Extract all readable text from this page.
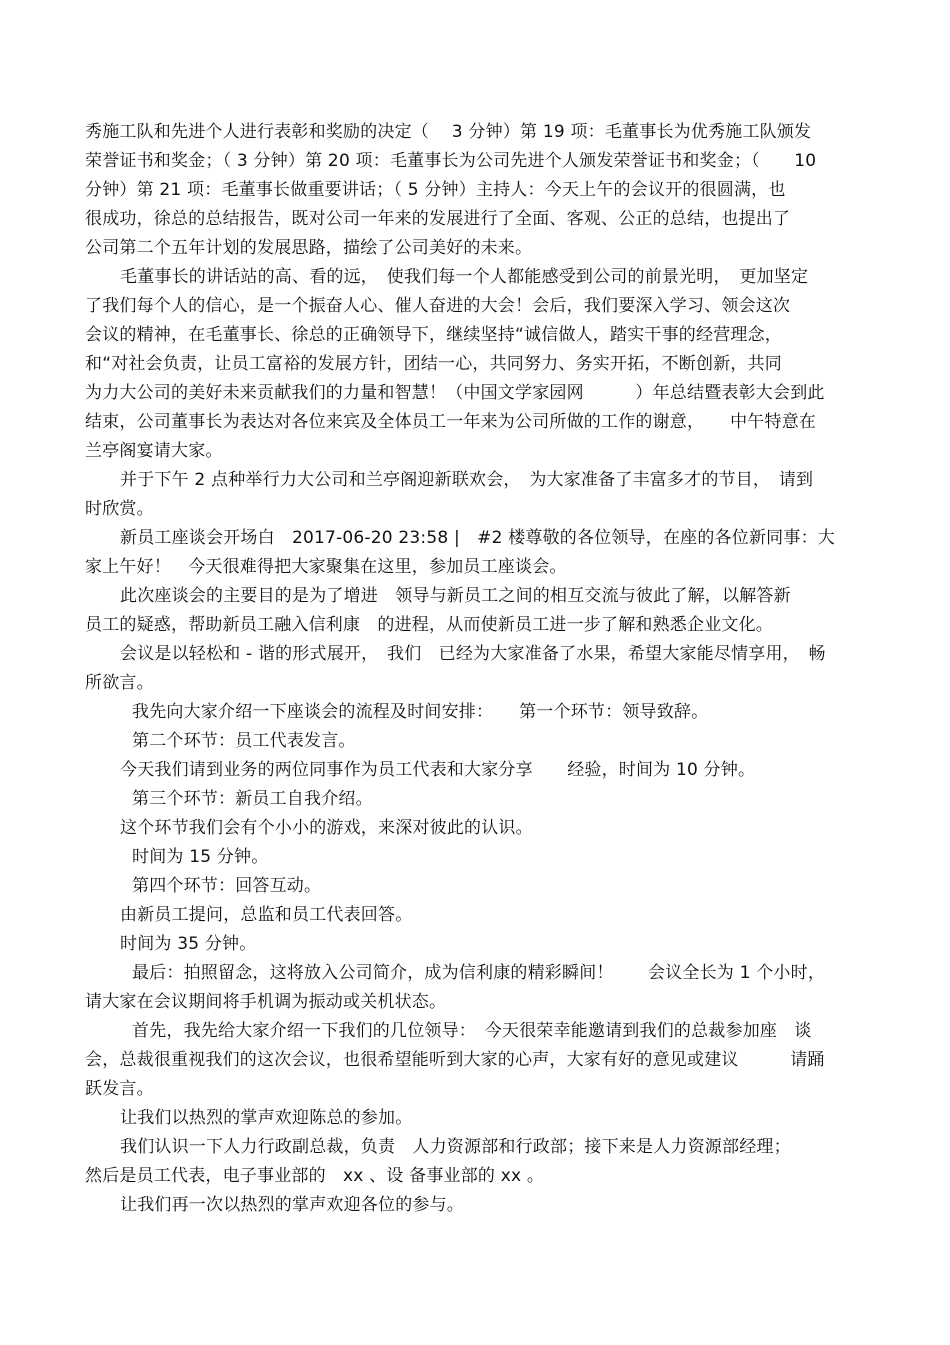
秀施工队和先进个人进行表彰和奖励的决定（　 3 分钟）第 19 项：毛董事长为优秀施工队颁发
荣誉证书和奖金；（ 3 分钟）第 20 项：毛董事长为公司先进个人颁发荣誉证书和奖金；（　　10
分钟）第 21 项：毛董事长做重要讲话；（ 5 分钟）主持人：今天上午的会议开的很圆满，也
很成功，徐总的总结报告，既对公司一年来的发展进行了全面、客观、公正的总结，也提出了
公司第二个五年计划的发展思路，描绘了公司美好的未来。
毛董事长的讲话站的高、看的远，　使我们每一个人都能感受到公司的前景光明，　更加坚定
了我们每个人的信心，是一个振奋人心、催人奋进的大会！会后，我们要深入学习、领会这次
会议的精神，在毛董事长、徐总的正确领导下，继续坚持“诚信做人，踏实干事的经营理念，
和“对社会负责，让员工富裕的发展方针，团结一心，共同努力、务实开拓，不断创新，共同
为力大公司的美好未来贡献我们的力量和智慧！（中国文学家园网　　　）年总结暨表彰大会到此
结束，公司董事长为表达对各位来宾及全体员工一年来为公司所做的工作的谢意，　　中午特意在
兰亭阁宴请大家。
并于下午 2 点种举行力大公司和兰亭阁迎新联欢会，　为大家准备了丰富多才的节目，　请到
时欣赏。
新员工座谈会开场白　2017-06-20 23:58 |　#2 楼尊敬的各位领导，在座的各位新同事：大
家上午好！　今天很难得把大家聚集在这里，参加员工座谈会。
此次座谈会的主要目的是为了增进　领导与新员工之间的相互交流与彼此了解，以解答新
员工的疑惑，帮助新员工融入信利康　的进程，从而使新员工进一步了解和熟悉企业文化。
会议是以轻松和 - 谐的形式展开，　我们　已经为大家准备了水果，希望大家能尽情享用，　畅
所欲言。
我先向大家介绍一下座谈会的流程及时间安排：　　第一个环节：领导致辞。
第二个环节：员工代表发言。
今天我们请到业务的两位同事作为员工代表和大家分享　　经验，时间为 10 分钟。
第三个环节：新员工自我介绍。
这个环节我们会有个小小的游戏，来深对彼此的认识。
时间为 15 分钟。
第四个环节：回答互动。
由新员工提问，总监和员工代表回答。
时间为 35 分钟。
最后：拍照留念，这将放入公司简介，成为信利康的精彩瞬间！　　会议全长为 1 个小时，
请大家在会议期间将手机调为振动或关机状态。
首先，我先给大家介绍一下我们的几位领导：　今天很荣幸能邀请到我们的总裁参加座　谈
会，总裁很重视我们的这次会议，也很希望能听到大家的心声，大家有好的意见或建议　　　请踊
跃发言。
让我们以热烈的掌声欢迎陈总的参加。
我们认识一下人力行政副总裁，负责　人力资源部和行政部；接下来是人力资源部经理；
然后是员工代表，电子事业部的　xx 、设 备事业部的 xx 。
让我们再一次以热烈的掌声欢迎各位的参与。
